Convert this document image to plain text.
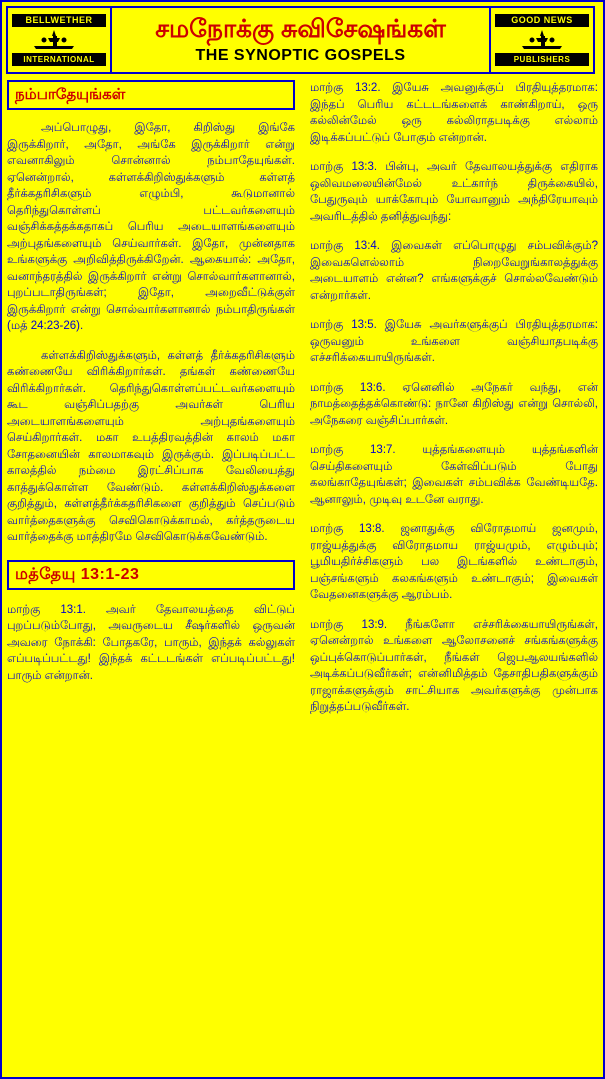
BELLWETHER
INTERNATIONAL
சமநோக்கு சுவிசேஷங்கள்
THE SYNOPTIC GOSPELS
GOOD NEWS
PUBLISHERS
நம்பாதேயுங்கள்

அப்பொழுது, இதோ, கிறிஸ்து இங்கே இருக்கிறார், அதோ, அங்கே இருக்கிறார் என்று எவனாகிலும் சொன்னால் நம்பாதேயுங்கள். ஏனென்றால், கள்ளக்கிறிஸ்துக்களும் கள்ளத் தீர்க்கதரிசிகளும் எழும்பி, கூடுமானால் தெரிந்துகொள்ளப் பட்டவர்களையும் வஞ்சிக்கத்தக்கதாகப் பெரிய அடையாளங்களையும் அற்புதங்களையும் செய்வார்கள். இதோ, முன்னதாக உங்களுக்கு அறிவித்திருக்கிறேன். ஆகையால்: அதோ, வனாந்தரத்தில் இருக்கிறார் என்று சொல்வார்களானால், புறப்படாதிருங்கள்; இதோ, அறைவீட்டுக்குள் இருக்கிறார் என்று சொல்வார்களானால் நம்பாதிருங்கள் (மத் 24:23-26).

கள்ளக்கிறிஸ்துக்களும், கள்ளத் தீர்க்கதரிசிகளும் கண்ணையே விரிக்கிறார்கள். தங்கள் கண்ணையே விரிக்கிறார்கள். தெரிந்துகொள்ளப்பட்டவர்களையும் கூட வஞ்சிப்பதற்கு அவர்கள் பெரிய அடையாளங்களையும் அற்புதங்களையும் செய்கிறார்கள். மகா உபத்திரவத்தின் காலம் மகா சோதனையின் காலமாகவும் இருக்கும். இப்படிப்பட்ட காலத்தில் நம்மை இரட்சிப்பாக வேலியைத்து காத்துக்கொள்ள வேண்டும். கள்ளக்கிறிஸ்துக்களை குறித்தும், கள்ளத்தீர்க்கதரிசிகளை குறித்தும் செப்படும் வார்த்தைகளுக்கு செவிகொடுக்காமல், கர்த்தருடைய வார்த்தைக்கு மாத்திரமே செவிகொடுக்கவேண்டும்.

மத்தேயு 13:1-23

மாற்கு 13:1. அவர் தேவாலயத்தை விட்டுப் புறப்படும்போது, அவருடைய சீஷர்களில் ஒருவன் அவரை நோக்கி: போதகரே, பாரும், இந்தக் கல்லுகள் எப்படிப்பட்டது! இந்தக் கட்டடங்கள் எப்படிப்பட்டது! பாரும் என்றான்.

மாற்கு 13:2. இயேசு அவனுக்குப் பிரதியுத்தரமாக: இந்தப் பெரிய கட்டடங்களைக் காண்கிறாய், ஒரு கல்லின்மேல் ஒரு கல்லிராதபடிக்கு எல்லாம் இடிக்கப்பட்டுப் போகும் என்றான்.

மாற்கு 13:3. பின்பு, அவர் தேவாலயத்துக்கு எதிராக ஒலிவமலையின்மேல் உட்கார்ந் திருக்கையில், பேதுருவும் யாக்கோபும் யோவானும் அந்திரேயாவும் அவரிடத்தில் தனித்துவந்து:

மாற்கு 13:4. இவைகள் எப்பொழுது சம்பவிக்கும்? இவைகளெல்லாம் நிறைவேறுங்காலத்துக்கு அடையாளம் என்ன? எங்களுக்குச் சொல்லவேண்டும் என்றார்கள்.

மாற்கு 13:5. இயேசு அவர்களுக்குப் பிரதியுத்தரமாக: ஒருவனும் உங்களை வஞ்சியாதபடிக்கு எச்சரிக்கையாயிருங்கள்.

மாற்கு 13:6. ஏனெனில் அநேகர் வந்து, என் நாமத்தைத்தக்கொண்டு: நானே கிறிஸ்து என்று சொல்லி, அநேகரை வஞ்சிப்பார்கள்.

மாற்கு 13:7. யுத்தங்களையும் யுத்தங்களின் செய்திகளையும் கேள்விப்படும் போது கலங்காதேயுங்கள்; இவைகள் சம்பவிக்க வேண்டியதே. ஆனாலும், முடிவு உடனே வராது.

மாற்கு 13:8. ஜனாதுக்கு விரோதமாய் ஜனமும், ராஜ்யத்துக்கு விரோதமாய ராஜ்யமும், எழும்பும்; பூமியதிர்ச்சிகளும் பல இடங்களில் உண்டாகும், பஞ்சங்களும் கலகங்களும் உண்டாகும்; இவைகள் வேதனைகளுக்கு ஆரம்பம்.

மாற்கு 13:9. நீங்களோ எச்சரிக்கையாயிருங்கள், ஏனென்றால் உங்களை ஆலோசனைச் சங்கங்களுக்கு ஒப்புக்கொடுப்பார்கள், நீங்கள் ஜெபஆலயங்களில் அடிக்கப்படுவீர்கள்; என்னிமித்தம் தேசாதிபதிகளுக்கும் ராஜாக்களுக்கும் சாட்சியாக அவர்களுக்கு முன்பாக நிறுத்தப்படுவீர்கள்.
